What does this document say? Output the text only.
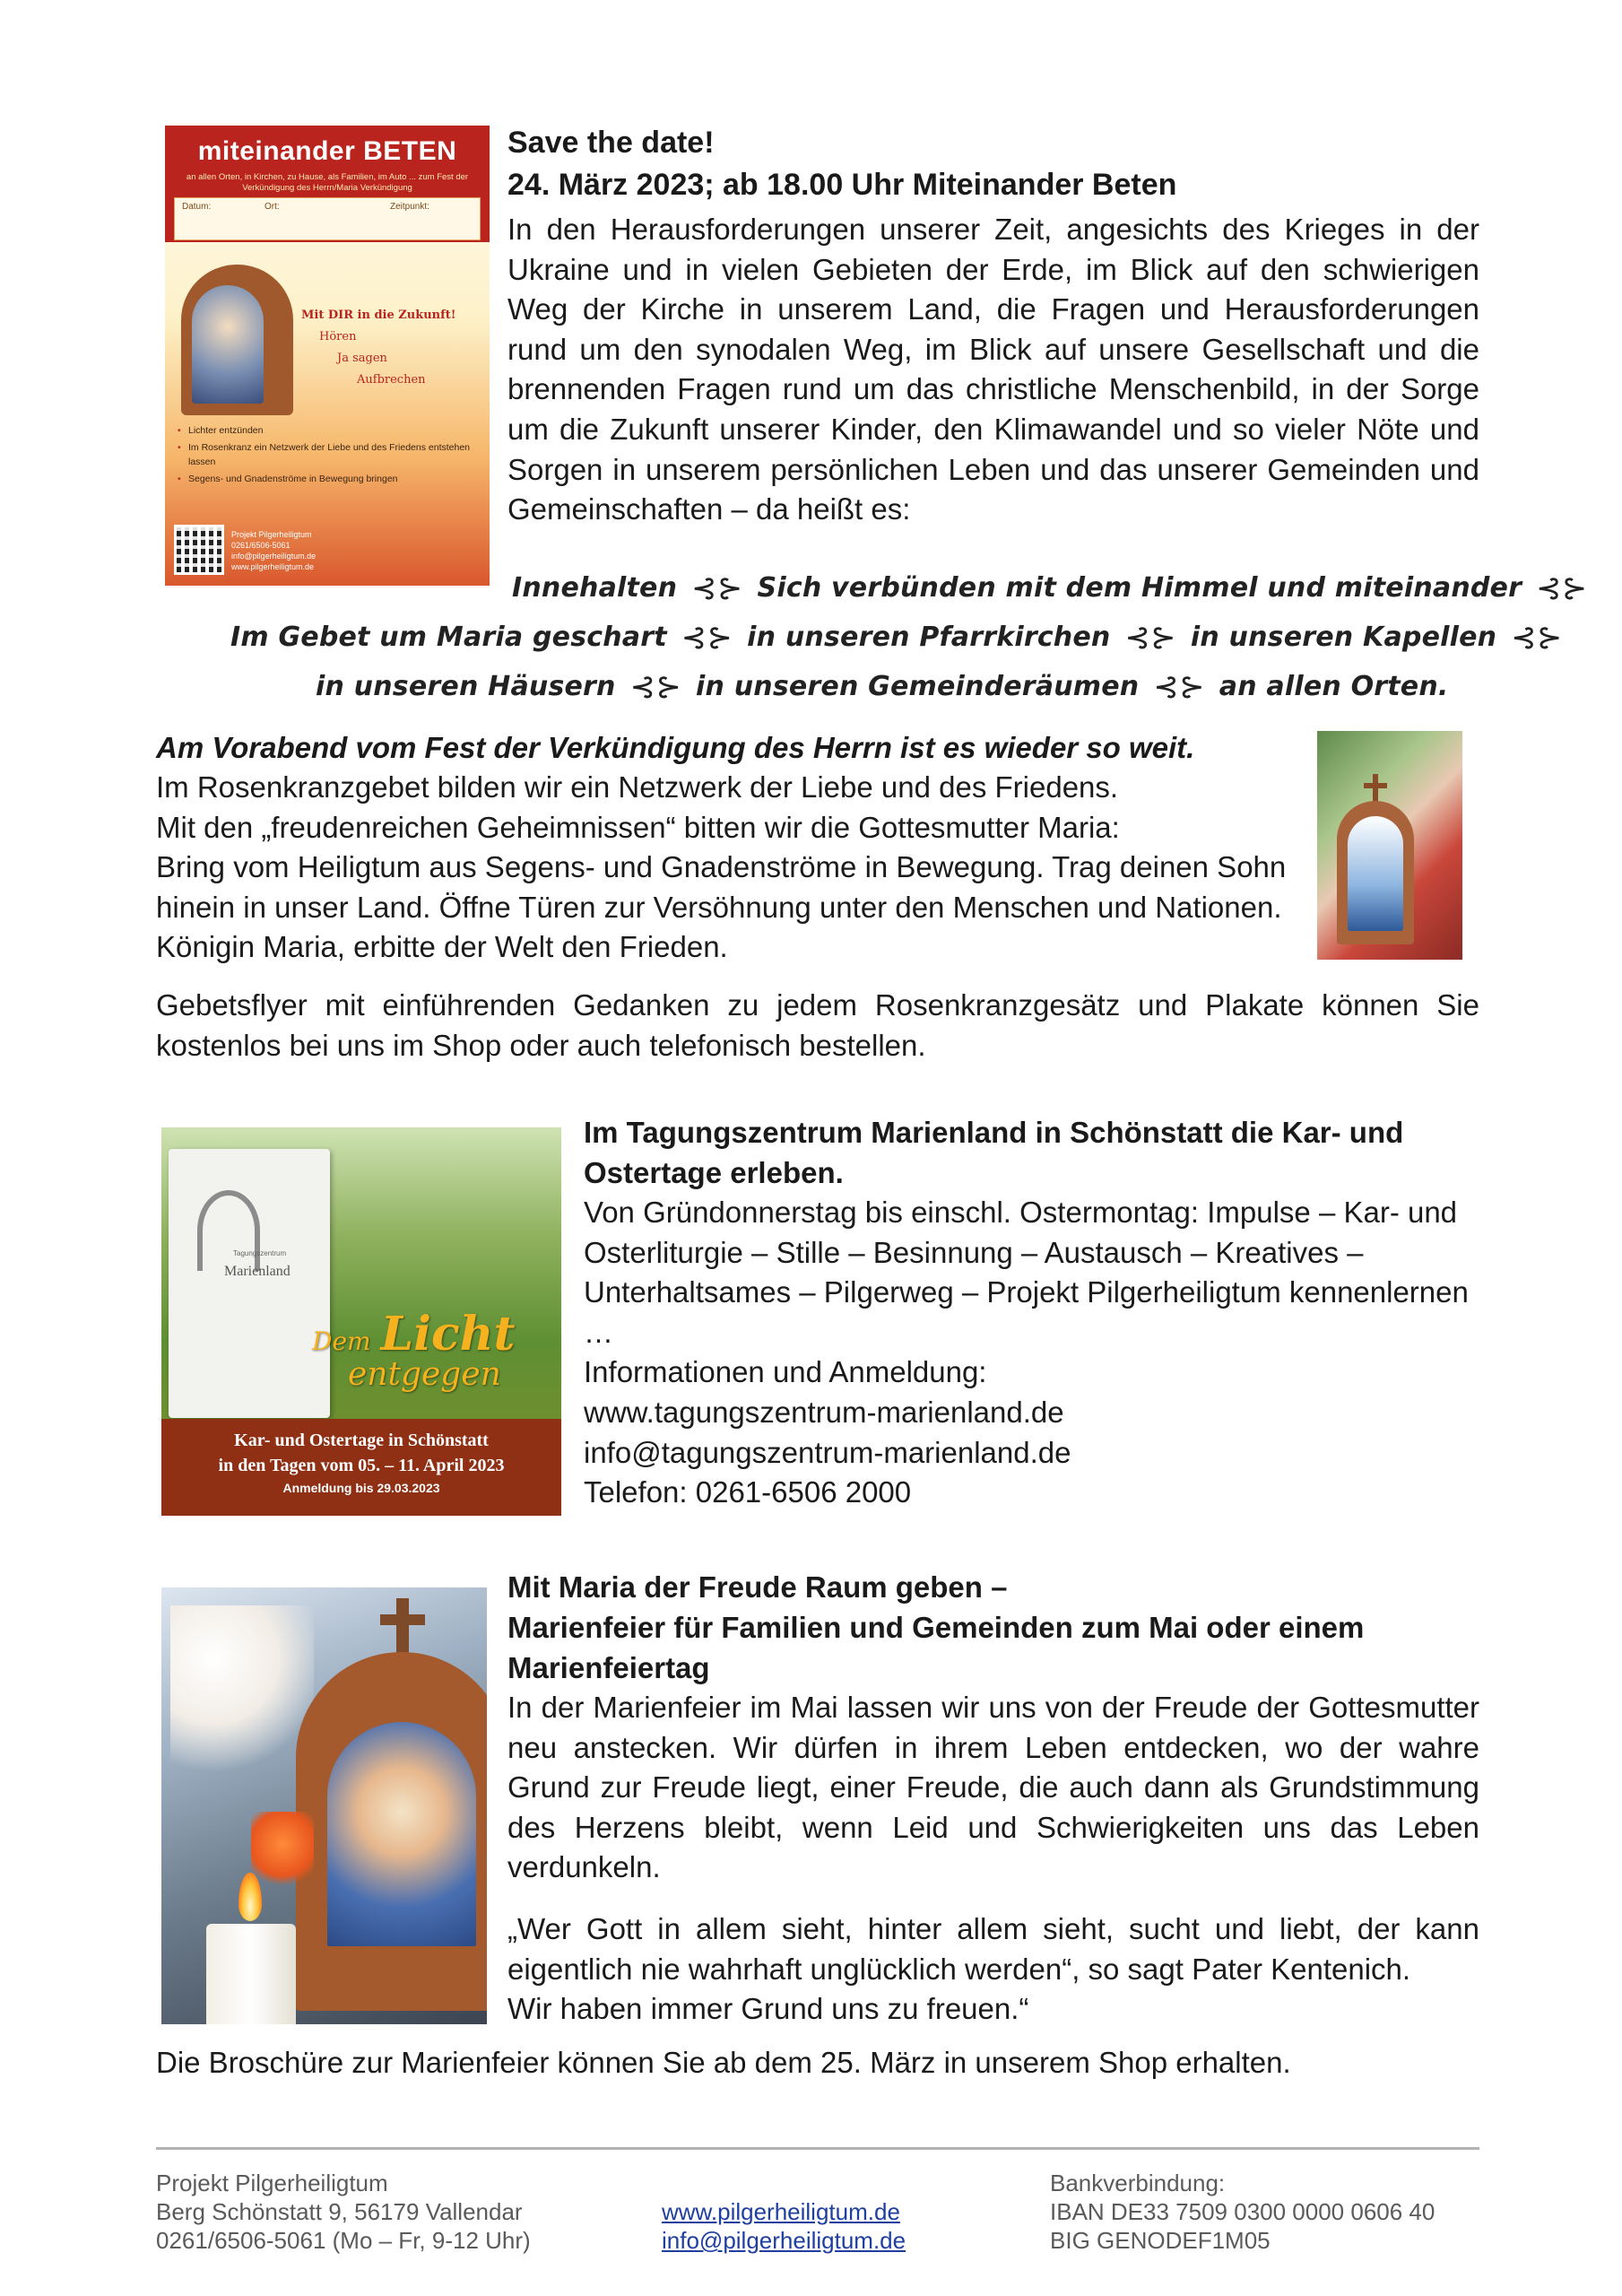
miteinander BETEN
an allen Orten, in Kirchen, zu Hause, als Familien, im Auto ... zum Fest der Verkündigung des Herrn/Maria Verkündigung
Datum:	Ort:	Zeitpunkt:
Mit DIR in die Zukunft!
Hören
Ja sagen
Aufbrechen
• Lichter entzünden
• Im Rosenkranz ein Netzwerk der Liebe und des Friedens entstehen lassen
• Segens- und Gnadenströme in Bewegung bringen
Projekt Pilgerheiligtum
0261/6506-5061
info@pilgerheiligtum.de
www.pilgerheiligtum.de
Save the date!
24. März 2023; ab 18.00 Uhr Miteinander Beten

In den Herausforderungen unserer Zeit, angesichts des Krieges in der Ukraine und in vielen Gebieten der Erde, im Blick auf den schwierigen Weg der Kirche in unserem Land, die Fragen und Herausforderungen rund um den synodalen Weg, im Blick auf unsere Gesellschaft und die brennenden Fragen rund um das christliche Menschenbild, in der Sorge um die Zukunft unserer Kinder, den Klimawandel und so vieler Nöte und Sorgen in unserem persönlichen Leben und das unserer Gemeinden und Gemeinschaften – da heißt es:

Innehalten ⊰⊱ Sich verbünden mit dem Himmel und miteinander ⊰⊱
Im Gebet um Maria geschart ⊰⊱ in unseren Pfarrkirchen ⊰⊱ in unseren Kapellen ⊰⊱
in unseren Häusern ⊰⊱ in unseren Gemeinderäumen ⊰⊱ an allen Orten.
Am Vorabend vom Fest der Verkündigung des Herrn ist es wieder so weit.
Im Rosenkranzgebet bilden wir ein Netzwerk der Liebe und des Friedens.
Mit den „freudenreichen Geheimnissen“ bitten wir die Gottesmutter Maria:
Bring vom Heiligtum aus Segens- und Gnadenströme in Bewegung. Trag deinen Sohn
hinein in unser Land. Öffne Türen zur Versöhnung unter den Menschen und Nationen.
Königin Maria, erbitte der Welt den Frieden.

Gebetsflyer mit einführenden Gedanken zu jedem Rosenkranzgesätz und Plakate können Sie kostenlos bei uns im Shop oder auch telefonisch bestellen.

Tagungszentrum
Marienland
Dem Licht
entgegen
Kar- und Ostertage in Schönstatt
in den Tagen vom 05. – 11. April 2023
Anmeldung bis 29.03.2023
Im Tagungszentrum Marienland in Schönstatt die Kar- und Ostertage erleben.
Von Gründonnerstag bis einschl. Ostermontag: Impulse – Kar- und Osterliturgie – Stille – Besinnung – Austausch – Kreatives – Unterhaltsames – Pilgerweg – Projekt Pilgerheiligtum kennenlernen …
Informationen und Anmeldung:
www.tagungszentrum-marienland.de
info@tagungszentrum-marienland.de
Telefon: 0261-6506 2000
Mit Maria der Freude Raum geben –
Marienfeier für Familien und Gemeinden zum Mai oder einem Marienfeiertag

In der Marienfeier im Mai lassen wir uns von der Freude der Gottesmutter neu anstecken. Wir dürfen in ihrem Leben entdecken, wo der wahre Grund zur Freude liegt, einer Freude, die auch dann als Grundstimmung des Herzens bleibt, wenn Leid und Schwierigkeiten uns das Leben verdunkeln.

„Wer Gott in allem sieht, hinter allem sieht, sucht und liebt, der kann eigentlich nie wahrhaft unglücklich werden“, so sagt Pater Kentenich.

Wir haben immer Grund uns zu freuen.“

Die Broschüre zur Marienfeier können Sie ab dem 25. März in unserem Shop erhalten.

Projekt Pilgerheiligtum
Berg Schönstatt 9, 56179 Vallendar
0261/6506-5061 (Mo – Fr, 9-12 Uhr)
www.pilgerheiligtum.de
info@pilgerheiligtum.de
Bankverbindung:
IBAN DE33 7509 0300 0000 0606 40
BIG GENODEF1M05
